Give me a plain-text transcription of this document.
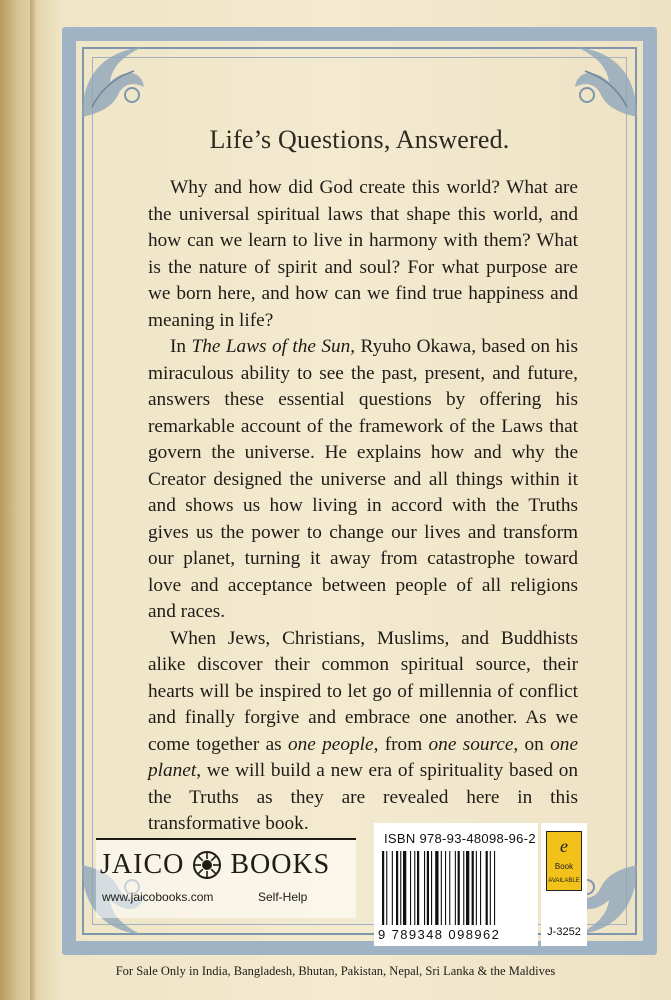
Life’s Questions, Answered.

Why and how did God create this world? What are the universal spiritual laws that shape this world, and how can we learn to live in harmony with them? What is the nature of spirit and soul? For what purpose are we born here, and how can we find true happiness and meaning in life?

In The Laws of the Sun, Ryuho Okawa, based on his miraculous ability to see the past, present, and future, answers these essential questions by offering his remarkable account of the framework of the Laws that govern the universe. He explains how and why the Creator designed the universe and all things within it and shows us how living in accord with the Truths gives us the power to change our lives and transform our planet, turning it away from catastrophe toward love and acceptance between people of all religions and races.

When Jews, Christians, Muslims, and Buddhists alike discover their common spiritual source, their hearts will be inspired to let go of millennia of conflict and finally forgive and embrace one another. As we come together as one people, from one source, on one planet, we will build a new era of spirituality based on the Truths as they are revealed here in this transformative book.

JAICO BOOKS
www.jaicobooks.com	Self-Help
ISBN 978-93-48098-96-2
9 789348 098962
e
Book
AVAILABLE
J-3252
For Sale Only in India, Bangladesh, Bhutan, Pakistan, Nepal, Sri Lanka & the Maldives
